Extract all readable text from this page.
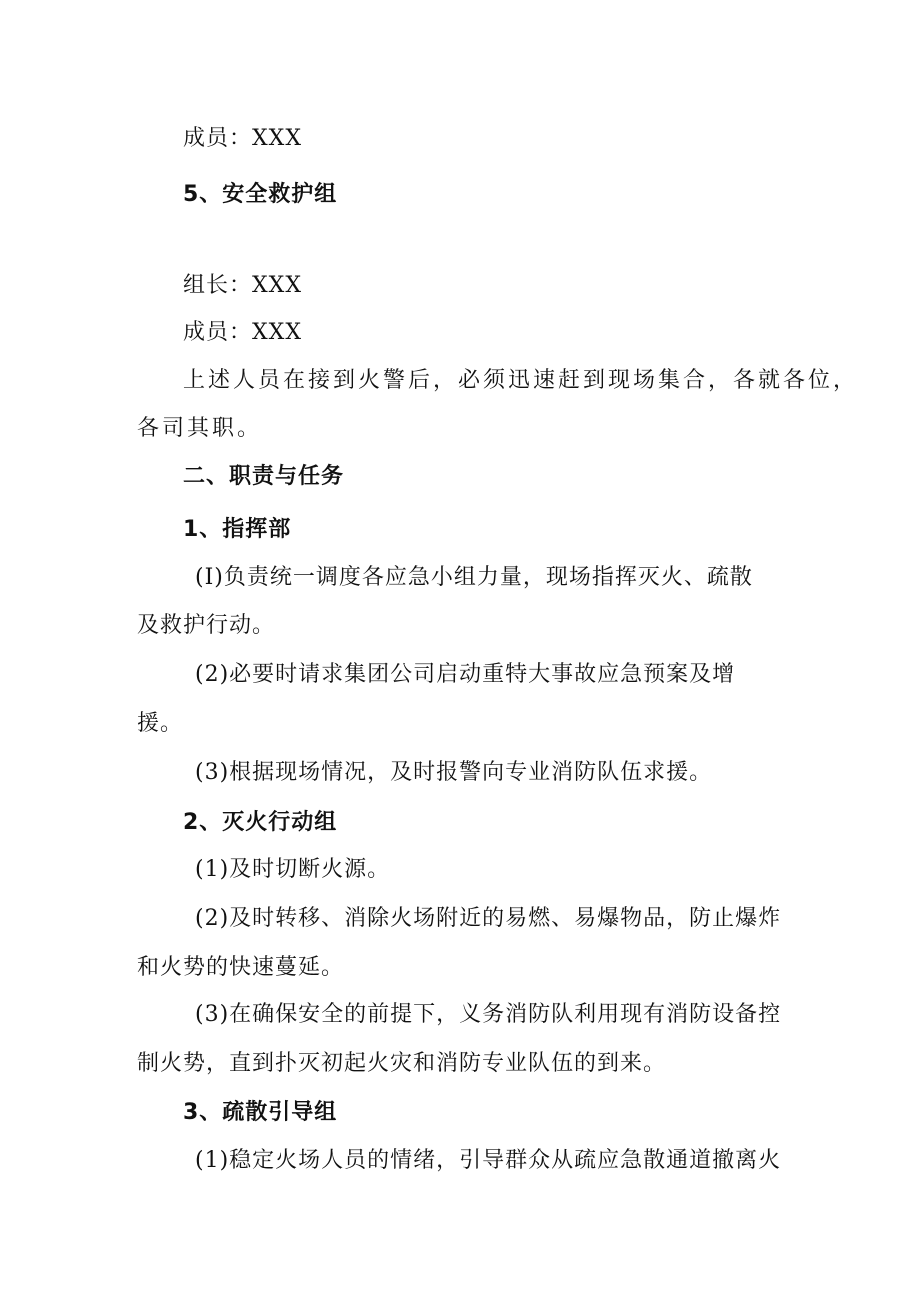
成员：XXX
5、安全救护组
组长：XXX
成员：XXX
上述人员在接到火警后，必须迅速赶到现场集合，各就各位，
各司其职。
二、职责与任务
1、指挥部
(I)负责统一调度各应急小组力量，现场指挥灭火、疏散
及救护行动。
(2)必要时请求集团公司启动重特大事故应急预案及增
援。
(3)根据现场情况，及时报警向专业消防队伍求援。
2、灭火行动组
(1)及时切断火源。
(2)及时转移、消除火场附近的易燃、易爆物品，防止爆炸
和火势的快速蔓延。
(3)在确保安全的前提下，义务消防队利用现有消防设备控
制火势，直到扑灭初起火灾和消防专业队伍的到来。
3、疏散引导组
(1)稳定火场人员的情绪，引导群众从疏应急散通道撤离火
